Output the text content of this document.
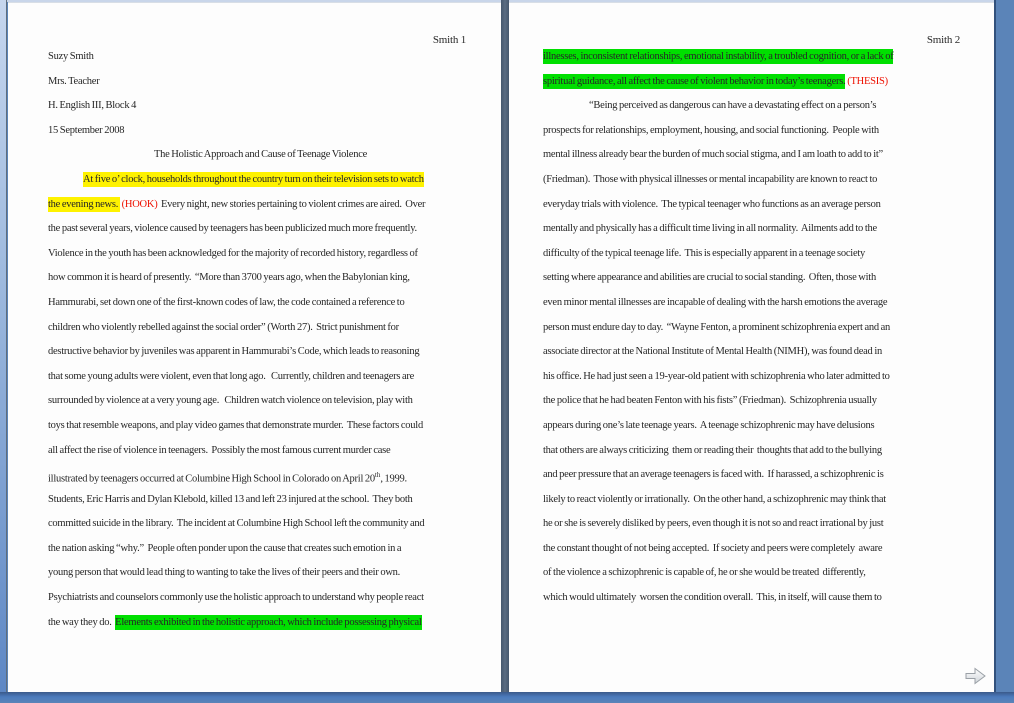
Smith 1
Suzy Smith
Mrs. Teacher
H. English III, Block 4
15 September 2008
The Holistic Approach and Cause of Teenage Violence
At five o’ clock, households throughout the country turn on their television sets to watch
the evening news.  (HOOK)  Every night, new stories pertaining to violent crimes are aired.  Over
the past several years, violence caused by teenagers has been publicized much more frequently.
Violence in the youth has been acknowledged for the majority of recorded history, regardless of
how common it is heard of presently.  “More than 3700 years ago, when the Babylonian king,
Hammurabi, set down one of the first-known codes of law, the code contained a reference to
children who violently rebelled against the social order” (Worth 27).  Strict punishment for
destructive behavior by juveniles was apparent in Hammurabi’s Code, which leads to reasoning
that some young adults were violent, even that long ago.   Currently, children and teenagers are
surrounded by violence at a very young age.   Children watch violence on television, play with
toys that resemble weapons, and play video games that demonstrate murder.  These factors could
all affect the rise of violence in teenagers.  Possibly the most famous current murder case
illustrated by teenagers occurred at Columbine High School in Colorado on April 20th, 1999.
Students, Eric Harris and Dylan Klebold, killed 13 and left 23 injured at the school.  They both
committed suicide in the library.  The incident at Columbine High School left the community and
the nation asking “why.”  People often ponder upon the cause that creates such emotion in a
young person that would lead thing to wanting to take the lives of their peers and their own.
Psychiatrists and counselors commonly use the holistic approach to understand why people react
the way they do.  Elements exhibited in the holistic approach, which include possessing physical
Smith 2
illnesses, inconsistent relationships, emotional instability, a troubled cognition, or a lack of
spiritual guidance, all affect the cause of violent behavior in today’s teenagers. (THESIS)
“Being perceived as dangerous can have a devastating effect on a person’s
prospects for relationships, employment, housing, and social functioning.  People with
mental illness already bear the burden of much social stigma, and I am loath to add to it”
(Friedman).  Those with physical illnesses or mental incapability are known to react to
everyday trials with violence.  The typical teenager who functions as an average person
mentally and physically has a difficult time living in all normality.  Ailments add to the
difficulty of the typical teenage life.  This is especially apparent in a teenage society
setting where appearance and abilities are crucial to social standing.  Often, those with
even minor mental illnesses are incapable of dealing with the harsh emotions the average
person must endure day to day.  “Wayne Fenton, a prominent schizophrenia expert and an
associate director at the National Institute of Mental Health (NIMH), was found dead in
his office. He had just seen a 19-year-old patient with schizophrenia who later admitted to
the police that he had beaten Fenton with his fists” (Friedman).  Schizophrenia usually
appears during one’s late teenage years.  A teenage schizophrenic may have delusions
that others are always criticizing  them or reading their  thoughts that add to the bullying
and peer pressure that an average teenagers is faced with.  If harassed, a schizophrenic is
likely to react violently or irrationally.  On the other hand, a schizophrenic may think that
he or she is severely disliked by peers, even though it is not so and react irrational by just
the constant thought of not being accepted.  If society and peers were completely  aware
of the violence a schizophrenic is capable of, he or she would be treated  differently,
which would ultimately  worsen the condition overall.  This, in itself, will cause them to
